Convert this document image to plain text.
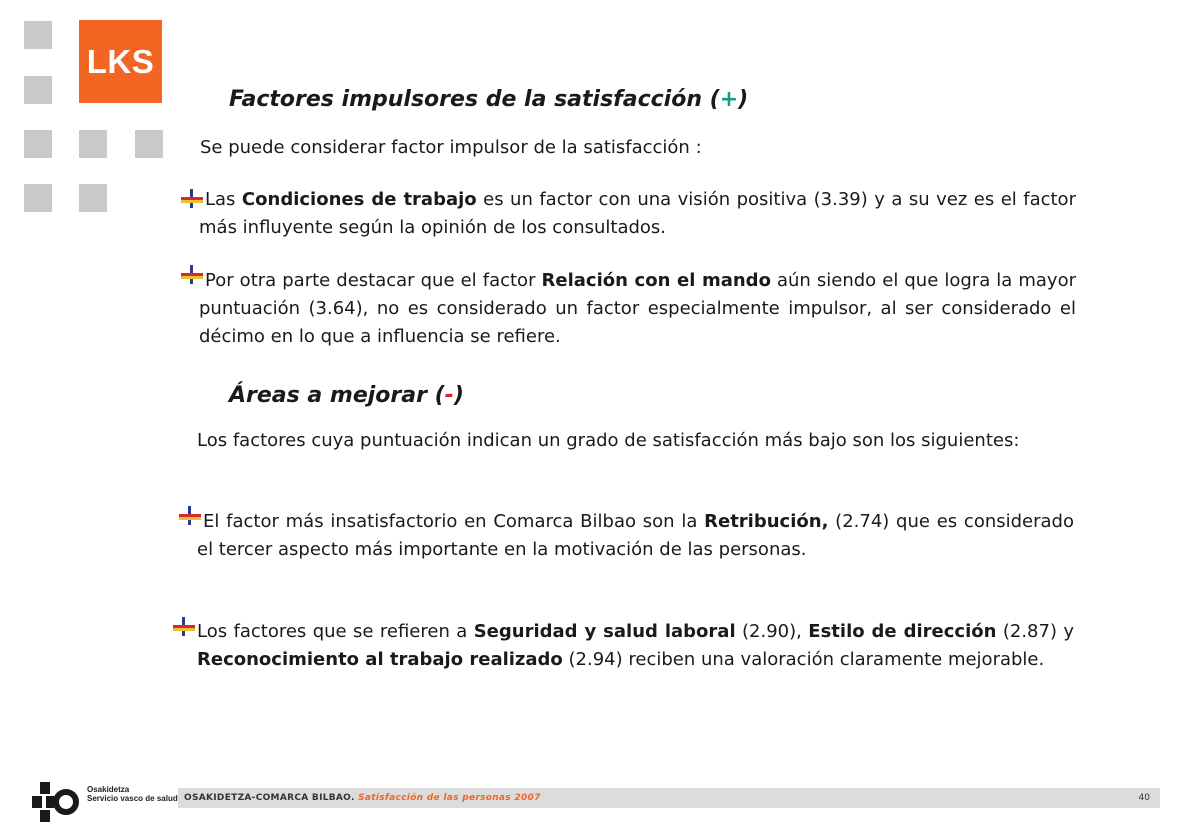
LKS
Factores impulsores de la satisfacción (+)
Se puede considerar factor impulsor de la satisfacción :
Las Condiciones de trabajo es un factor con una visión positiva (3.39) y a su vez es el factor más influyente según la opinión de los consultados.
Por otra parte destacar que el factor Relación con el mando aún siendo el que logra la mayor puntuación (3.64), no es considerado un factor especialmente impulsor, al ser considerado el décimo en lo que a influencia se refiere.
Áreas a mejorar (-)
Los factores cuya puntuación indican un grado de satisfacción más bajo son los siguientes:
El factor más insatisfactorio en Comarca Bilbao son la Retribución, (2.74) que es considerado el tercer aspecto más importante en la motivación de las personas.
Los factores que se refieren a Seguridad y salud laboral (2.90), Estilo de dirección (2.87) y Reconocimiento al trabajo realizado (2.94) reciben una valoración claramente mejorable.
Osakidetza
Servicio vasco de salud OSAKIDETZA-COMARCA BILBAO. Satisfacción de las personas 2007	40
